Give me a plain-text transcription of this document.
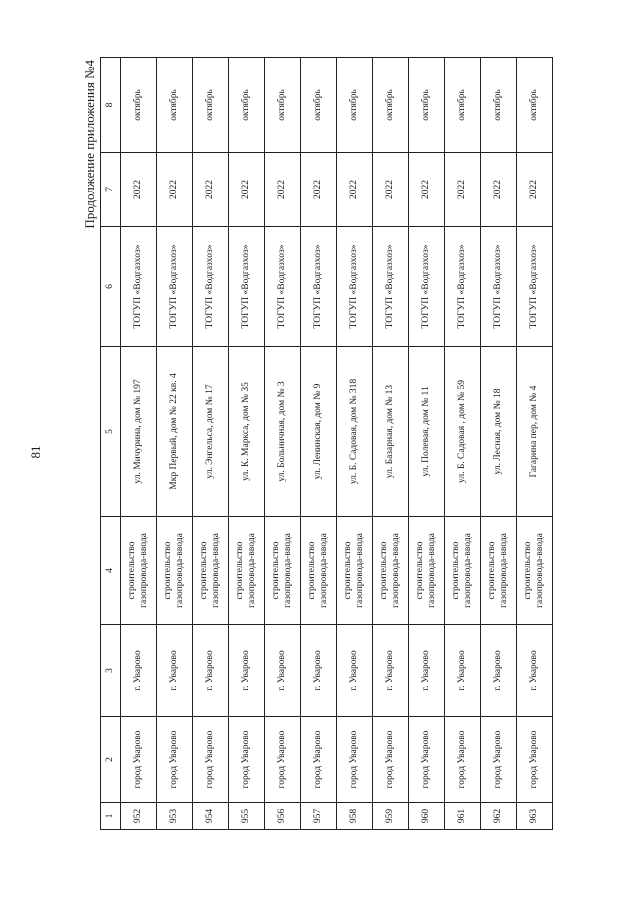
81
Продолжение приложения №4
1	2	3	4	5	6	7	8
952	город Уварово	г. Уварово	строительство газопровода-ввода	ул. Мичурина, дом № 197	ТОГУП «Водгазхоз»	2022	октябрь
953	город Уварово	г. Уварово	строительство газопровода-ввода	Мкр Первый, дом № 22 кв. 4	ТОГУП «Водгазхоз»	2022	октябрь
954	город Уварово	г. Уварово	строительство газопровода-ввода	ул. Энгельса, дом № 17	ТОГУП «Водгазхоз»	2022	октябрь
955	город Уварово	г. Уварово	строительство газопровода-ввода	ул. К. Маркса, дом № 35	ТОГУП «Водгазхоз»	2022	октябрь
956	город Уварово	г. Уварово	строительство газопровода-ввода	ул. Больничная, дом № 3	ТОГУП «Водгазхоз»	2022	октябрь
957	город Уварово	г. Уварово	строительство газопровода-ввода	ул. Ленинская, дом № 9	ТОГУП «Водгазхоз»	2022	октябрь
958	город Уварово	г. Уварово	строительство газопровода-ввода	ул. Б. Садовая, дом № 318	ТОГУП «Водгазхоз»	2022	октябрь
959	город Уварово	г. Уварово	строительство газопровода-ввода	ул. Базарная, дом № 13	ТОГУП «Водгазхоз»	2022	октябрь
960	город Уварово	г. Уварово	строительство газопровода-ввода	ул. Полевая, дом № 11	ТОГУП «Водгазхоз»	2022	октябрь
961	город Уварово	г. Уварово	строительство газопровода-ввода	ул. Б. Садовая , дом № 59	ТОГУП «Водгазхоз»	2022	октябрь
962	город Уварово	г. Уварово	строительство газопровода-ввода	ул. Лесная, дом № 18	ТОГУП «Водгазхоз»	2022	октябрь
963	город Уварово	г. Уварово	строительство газопровода-ввода	Гагарина пер, дом № 4	ТОГУП «Водгазхоз»	2022	октябрь
